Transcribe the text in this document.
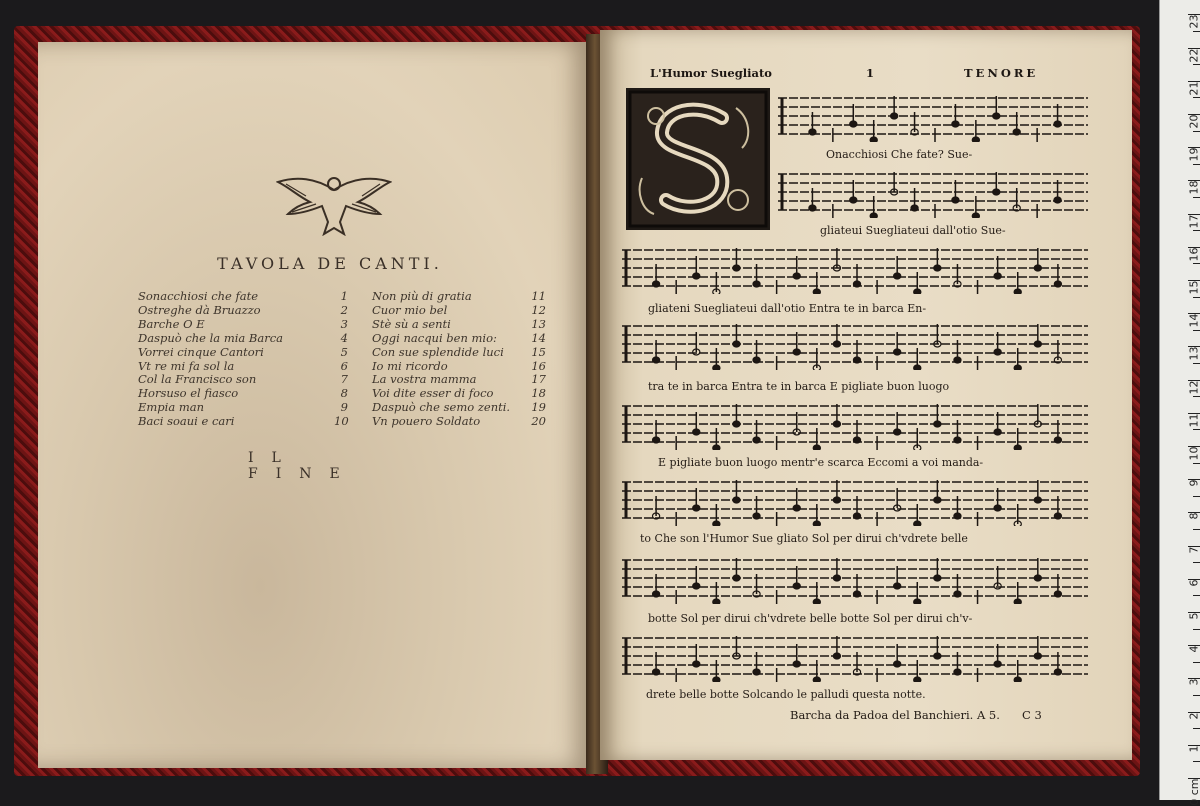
TAVOLA DE CANTI.
Sonacchiosi che fate
Ostreghe dà Bruazzo
Barche O E
Daspuò che la mia Barca
Vorrei cinque Cantori
Vt re mi fa sol la
Col la Francisco son
Horsuso el fiasco
Empia man
Baci soaui e cari
1
2
3
4
5
6
7
8
9
10
Non più di gratia
Cuor mio bel
Stè sù a senti
Oggi nacqui ben mio:
Con sue splendide luci
Io mi ricordo
La vostra mamma
Voi dite esser di foco
Daspuò che semo zenti.
Vn pouero Soldato
11
12
13
14
15
16
17
18
19
20
IL FINE
L'Humor Suegliato	1	TENORE
Onacchiosi Che fate? Sue-
gliateui Suegliateui dall'otio Sue-
gliateni Suegliateui dall'otio Entra te in barca En-
tra te in barca Entra te in barca E pigliate buon luogo
E pigliate buon luogo mentr'e scarca Eccomi a voi manda-
to Che son l'Humor Sue gliato Sol per dirui ch'vdrete belle
botte Sol per dirui ch'vdrete belle botte Sol per dirui ch'v-
drete belle botte Solcando le palludi questa notte.
Barcha da Padoa del Banchieri. A 5. C 3
0 cm
1
2
3
4
5
6
7
8
9
10
11
12
13
14
15
16
17
18
19
20
21
22
23
